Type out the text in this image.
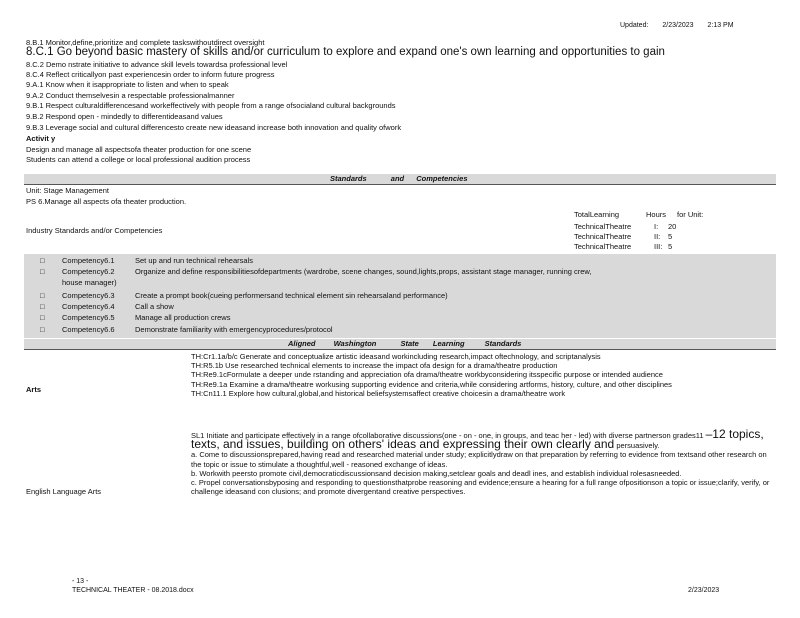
Updated: 2/23/2023 2:13 PM
8.B.1 Monitor,define,prioritize and complete taskswithoutdirect oversight
8.C.1 Go beyond basic mastery of skills and/or curriculum to explore and expand one's own learning and opportunities to gain
8.C.2 Demo nstrate initiative to advance skill levels towardsa professional level
8.C.4 Reflect criticallyon past experiencesin order to inform future progress
9.A.1 Know when it isappropriate to listen and when to speak
9.A.2 Conduct themselvesin a respectable professionalmanner
9.B.1 Respect culturaldifferencesand workeffectively with people from a range ofsocialand cultural backgrounds
9.B.2 Respond open - mindedly to differentideasand values
9.B.3 Leverage social and cultural differencesto create new ideasand increase both innovation and quality ofwork
Activit y
Design and manage all aspectsofa theater production for one scene
Students can attend a college or local professional audition process
Standards	and Competencies
Unit: Stage Management
PS 6.Manage all aspects ofa theater production.
TotalLearning	Hours for Unit:
TechnicalTheatre	I: 20
TechnicalTheatre	II: 5
TechnicalTheatre	III: 5
Industry Standards and/or Competencies
□ Competency6.1	Set up and run technical rehearsals
□ Competency6.2	Organize and define responsibilitiesofdepartments (wardrobe, scene changes, sound,lights,props, assistant stage manager, running crew,
house manager)
□ Competency6.3	Create a prompt book(cueing performersand technical element sin rehearsaland performance)
□ Competency6.4	Call a show
□ Competency6.5	Manage all production crews
□ Competency6.6	Demonstrate familiarity with emergencyprocedures/protocol
Aligned Washington	State Learning	Standards
Arts
TH:Cr1.1a/b/c Generate and conceptualize artistic ideasand workincluding research,impact oftechnology, and scriptanalysis
TH:R5.1b Use researched technical elements to increase the impact ofa design for a drama/theatre production
TH:Re9.1cFormulate a deeper unde rstanding and appreciation ofa drama/theatre workbyconsidering itsspecific purpose or intended audience
TH:Re9.1a Examine a drama/theatre workusing supporting evidence and criteria,while considering artforms, history, culture, and other disciplines
TH:Cn11.1 Explore how cultural,global,and historical beliefsystemsaffect creative choicesin a drama/theatre work
English Language Arts
SL1 Initiate and participate effectively in a range ofcollaborative discussions(one - on - one, in groups, and teac her - led) with diverse partnerson grades11 –12 topics, texts, and issues, building on others' ideas and expressing their own clearly and persuasively.
a. Come to discussionsprepared,having read and researched material under study; explicitlydraw on that preparation by referring to evidence from textsand other research on the topic or issue to stimulate a thoughtful,well - reasoned exchange of ideas.
b. Workwith peersto promote civil,democraticdiscussionsand decision making,setclear goals and deadl ines, and establish individual rolesasneeded.
c. Propel conversationsbyposing and responding to questionsthatprobe reasoning and evidence;ensure a hearing for a full range ofpositionson a topic or issue;clarify, verify, or challenge ideasand con clusions; and promote divergentand creative perspectives.
- 13 -
TECHNICAL THEATER - 08.2018.docx	2/23/2023
